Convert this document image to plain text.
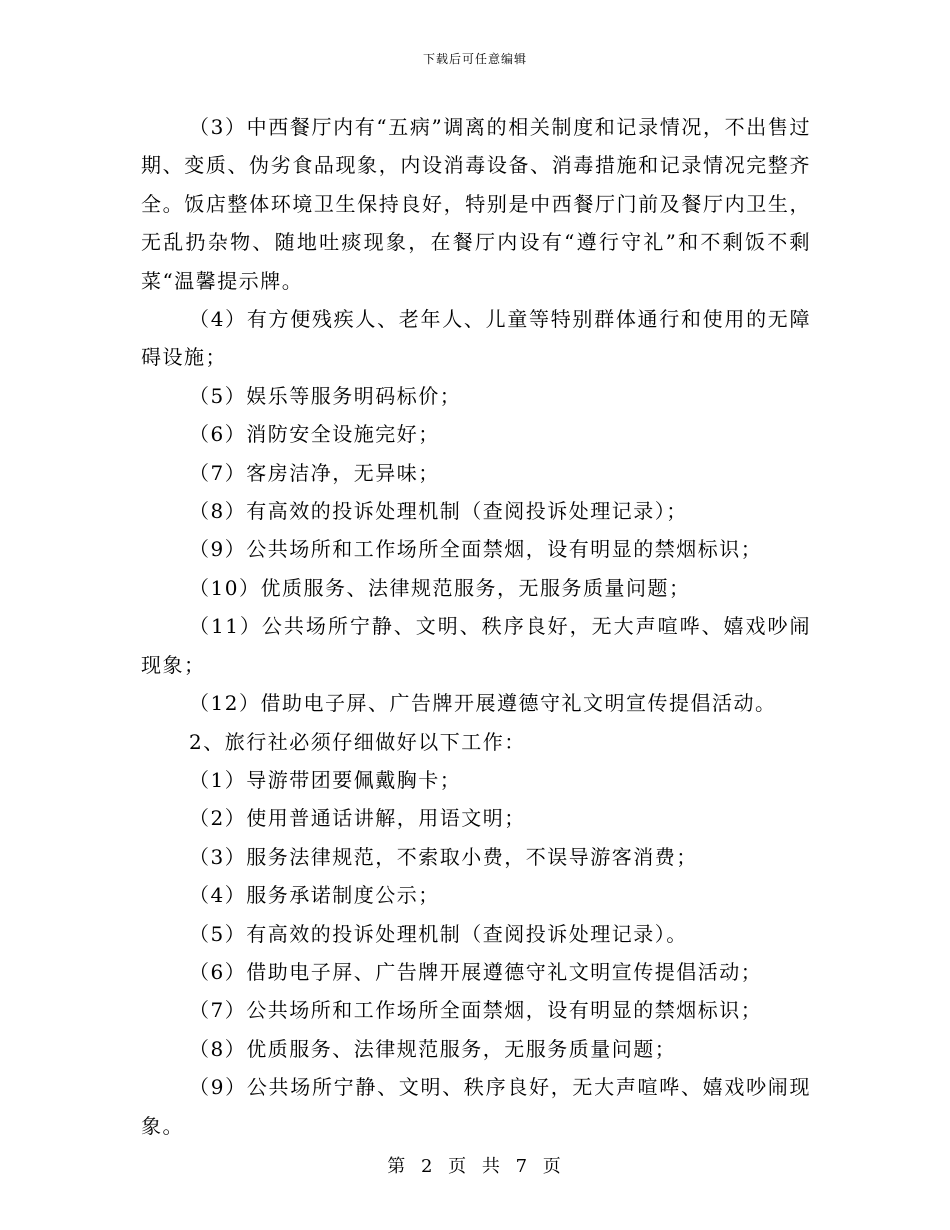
下载后可任意编辑

（3）中西餐厅内有“五病”调离的相关制度和记录情况，不出售过期、变质、伪劣食品现象，内设消毒设备、消毒措施和记录情况完整齐全。饭店整体环境卫生保持良好，特别是中西餐厅门前及餐厅内卫生，无乱扔杂物、随地吐痰现象，在餐厅内设有“遵行守礼”和不剩饭不剩菜“温馨提示牌。

（4）有方便残疾人、老年人、儿童等特别群体通行和使用的无障碍设施；

（5）娱乐等服务明码标价；

（6）消防安全设施完好；

（7）客房洁净，无异味；

（8）有高效的投诉处理机制（查阅投诉处理记录）；

（9）公共场所和工作场所全面禁烟，设有明显的禁烟标识；

（10）优质服务、法律规范服务，无服务质量问题；

（11）公共场所宁静、文明、秩序良好，无大声喧哗、嬉戏吵闹现象；

（12）借助电子屏、广告牌开展遵德守礼文明宣传提倡活动。

2、旅行社必须仔细做好以下工作：

（1）导游带团要佩戴胸卡；

（2）使用普通话讲解，用语文明；

（3）服务法律规范，不索取小费，不误导游客消费；

（4）服务承诺制度公示；

（5）有高效的投诉处理机制（查阅投诉处理记录）。

（6）借助电子屏、广告牌开展遵德守礼文明宣传提倡活动；

（7）公共场所和工作场所全面禁烟，设有明显的禁烟标识；

（8）优质服务、法律规范服务，无服务质量问题；

（9）公共场所宁静、文明、秩序良好，无大声喧哗、嬉戏吵闹现象。

第 2 页 共 7 页
